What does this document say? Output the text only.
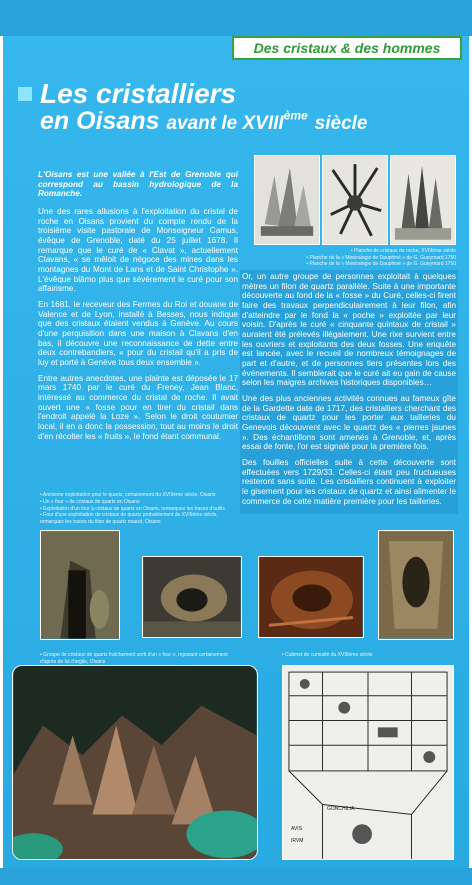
Des cristaux & des hommes
Les cristalliers
en Oisans avant le XVIIIème siècle

L'Oisans est une vallée à l'Est de Grenoble qui correspond au bassin hydrologique de la Romanche.

Une des rares allusions à l'exploitation du cristal de roche en Oisans provient du compte rendu de la troisième visite pastorale de Monseigneur Camus, évêque de Grenoble, daté du 25 juillet 1678. Il remarque que le curé de « Clavat », actuellement Clavans, « se mêloit de négoce des mines dans les montagnes du Mont de Lans et de Saint Christophe ». L'évêque blâmo plus que sévèrement le curé pour son affairisme.

En 1681, le receveur des Fermes du Roi et douane de Valence et de Lyon, installé à Besses, nous indique que des cristaux étaient vendus à Genève. Au cours d'une perquisition dans une maison à Clavans d'en bas, il découvre une reconnaissance de dette entre deux contrebandiers, « pour du cristail qu'il a pris de luy et porté à Genève tous deux ensemble ».

Entre autres anecdotes, une plainte est déposée le 17 mars 1740 par le curé du Freney, Jean Blanc, intéressé au commerce du cristal de roche. Il avait ouvert une « fosse pour en tirer du cristail dans l'endroit appelé la Loze ». Selon le droit coutumier local, il en a donc la possession, tout au moins le droit d'en récolter les « fruits », le fond étant communal.

• Ancienne exploitation pour le quartz, certainement du XVIIIème siècle, Oisans
• Un « four » de cristaux de quartz en Oisans
• Exploitation d'un four à cristaux de quartz en Oisans, remarquez les traces d'outils
• Four d'une exploitation de cristaux de quartz probablement du XVIIIème siècle, remarquez les traces du filon de quartz massif, Oisans
• Planche de cristaux de roche, XVIIIème siècle
• Planche de la « Minéralogie de Dauphiné » de G. Gueymard 1750
• Planche de la « Minéralogie de Dauphiné » de G. Gueymard 1750

Or, un autre groupe de personnes exploitait à quelques mètres un filon de quartz parallèle. Suite à une importante découverte au fond de la « fosse » du Curé, celles-ci firent faire des travaux perpendiculairement à leur filon, afin d'atteindre par le fond la « poche » exploitée par leur voisin. D'après le curé « cinquante quintaux de cristail » auraient été prélevés illégalement. Une rixe survient entre les ouvriers et exploitants des deux fosses. Une enquête est lancée, avec le recueil de nombreux témoignages de part et d'autre, et de personnes tiers présentes lors des événements. Il semblerait que le curé ait eu gain de cause selon les maigres archives historiques disponibles…

Une des plus anciennes activités connues au fameux gîte de la Gardette date de 1717, des cristalliers cherchant des cristaux de quartz pour les porter aux tailleries du Genevois découvrent avec le quartz des « pierres jaunes ». Des échantillons sont amenés à Grenoble, et, après essai de fonte, l'or est signalé pour la première fois.

Des fouilles officielles suite à cette découverte sont effectuées vers 1729/33. Celles-ci étant peu fructueuses resteront sans suite. Les cristalliers continuent à exploiter le gisement pour les cristaux de quartz et ainsi alimenter le commerce de cette matière première pour les tailleries.

• Groupe de cristaux de quartz fraîchement sorti d'un « four », reposant certainement d'après de lui d'argile, Oisans
• Cabinet de curiosité du XVIIIème siècle
GONCHILIA
AVIS
IRVM
